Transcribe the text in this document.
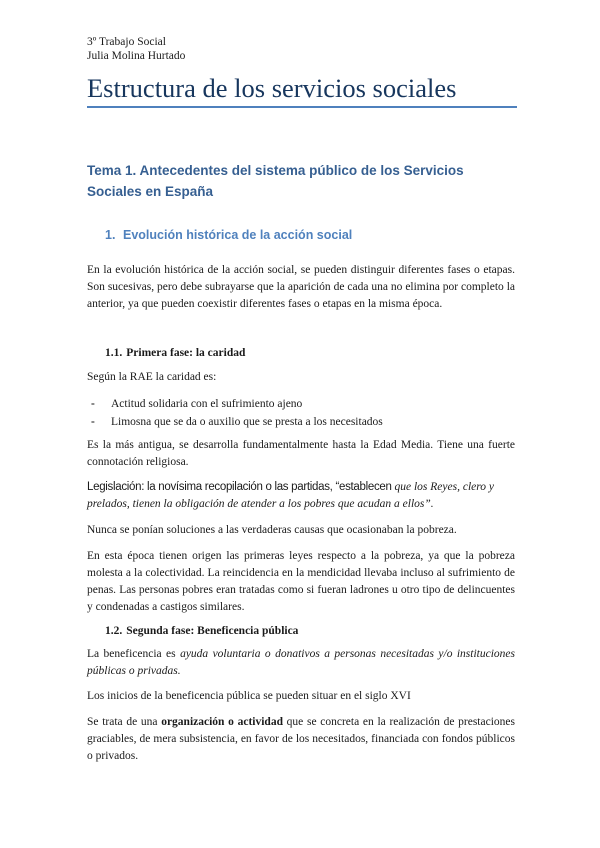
3º Trabajo Social
Julia Molina Hurtado
Estructura de los servicios sociales
Tema 1. Antecedentes del sistema público de los Servicios Sociales en España
1. Evolución histórica de la acción social

En la evolución histórica de la acción social, se pueden distinguir diferentes fases o etapas. Son sucesivas, pero debe subrayarse que la aparición de cada una no elimina por completo la anterior, ya que pueden coexistir diferentes fases o etapas en la misma época.

1.1. Primera fase: la caridad

Según la RAE la caridad es:

- Actitud solidaria con el sufrimiento ajeno
- Limosna que se da o auxilio que se presta a los necesitados

Es la más antigua, se desarrolla fundamentalmente hasta la Edad Media. Tiene una fuerte connotación religiosa.

Legislación: la novísima recopilación o las partidas, “establecen que los Reyes, clero y prelados, tienen la obligación de atender a los pobres que acudan a ellos”.

Nunca se ponían soluciones a las verdaderas causas que ocasionaban la pobreza.

En esta época tienen origen las primeras leyes respecto a la pobreza, ya que la pobreza molesta a la colectividad. La reincidencia en la mendicidad llevaba incluso al sufrimiento de penas. Las personas pobres eran tratadas como si fueran ladrones u otro tipo de delincuentes y condenadas a castigos similares.

1.2. Segunda fase: Beneficencia pública

La beneficencia es ayuda voluntaria o donativos a personas necesitadas y/o instituciones públicas o privadas.

Los inicios de la beneficencia pública se pueden situar en el siglo XVI

Se trata de una organización o actividad que se concreta en la realización de prestaciones graciables, de mera subsistencia, en favor de los necesitados, financiada con fondos públicos o privados.
